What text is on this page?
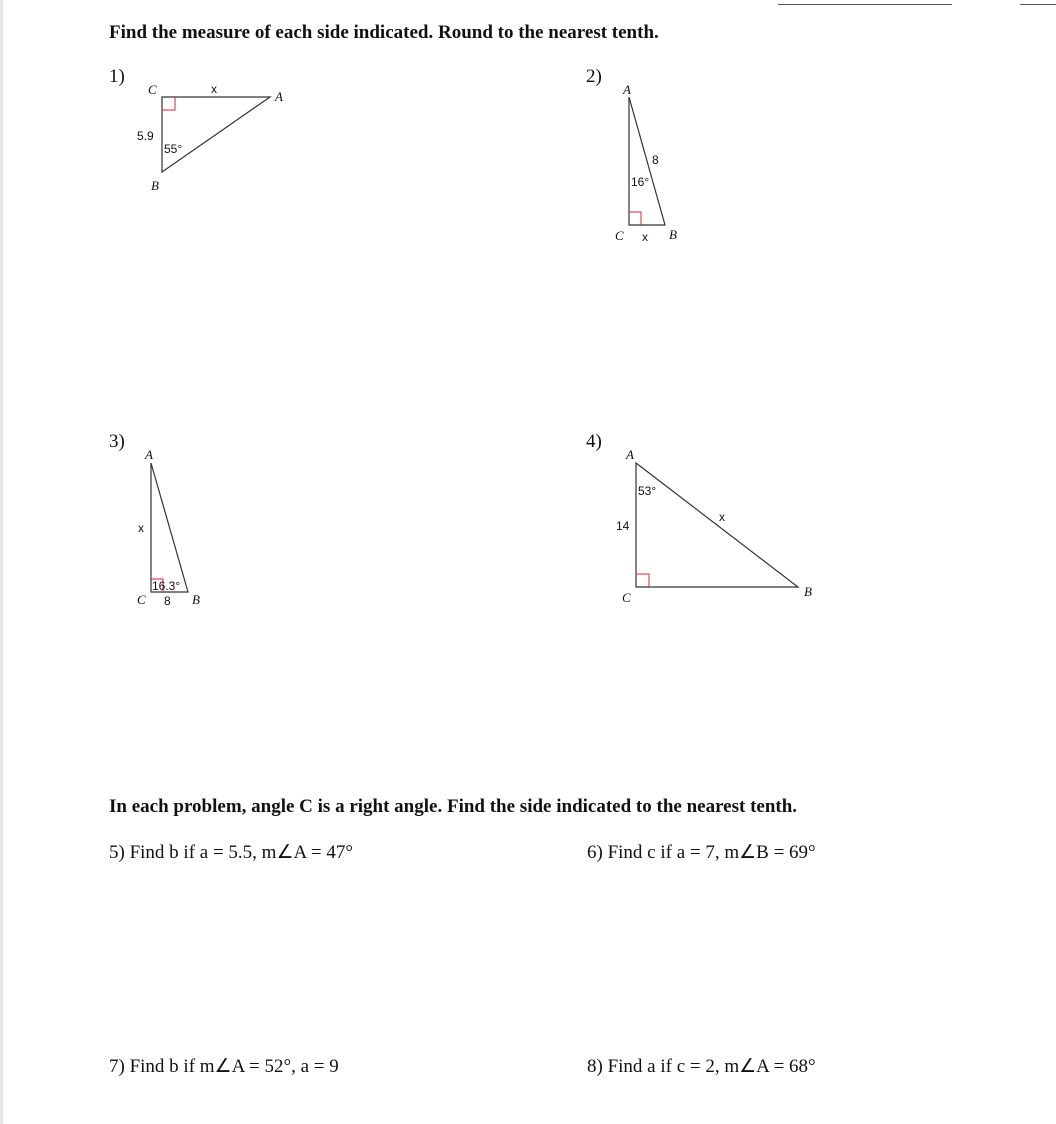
Find the measure of each side indicated. Round to the nearest tenth.
1)
C	A
B
x
5.9
55°
2)
A
C	B
8
x
16°
3)
A
C	B
x
8
16.3°
4)
A
C	B
14
x
53°
In each problem, angle C is a right angle. Find the side indicated to the nearest tenth.
5) Find b if a = 5.5, m∠A = 47°	6) Find c if a = 7, m∠B = 69°
7) Find b if m∠A = 52°, a = 9	8) Find a if c = 2, m∠A = 68°
